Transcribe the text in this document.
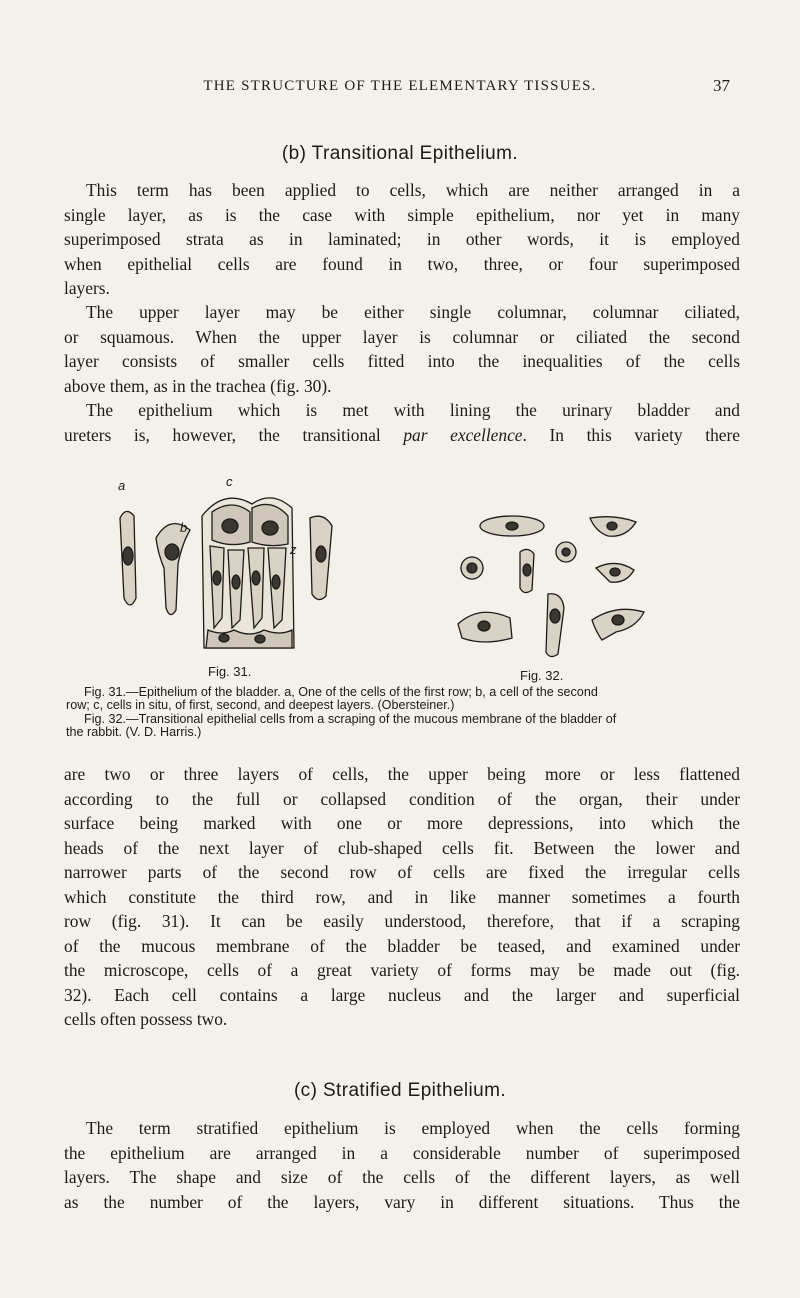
THE STRUCTURE OF THE ELEMENTARY TISSUES.	37
(b) Transitional Epithelium.

This term has been applied to cells, which are neither arranged in a
single layer, as is the case with simple epithelium, nor yet in many
superimposed strata as in laminated; in other words, it is employed
when epithelial cells are found in two, three, or four superimposed
layers.

The upper layer may be either single columnar, columnar ciliated,
or squamous. When the upper layer is columnar or ciliated the second
layer consists of smaller cells fitted into the inequalities of the cells
above them, as in the trachea (fig. 30).

The epithelium which is met with lining the urinary bladder and
ureters is, however, the transitional par excellence. In this variety there

a
b
c
z
Fig. 31.	Fig. 32.
Fig. 31.—Epithelium of the bladder. a, One of the cells of the first row; b, a cell of the second
row; c, cells in situ, of first, second, and deepest layers. (Obersteiner.)
Fig. 32.—Transitional epithelial cells from a scraping of the mucous membrane of the bladder of
the rabbit. (V. D. Harris.)

are two or three layers of cells, the upper being more or less flattened
according to the full or collapsed condition of the organ, their under
surface being marked with one or more depressions, into which the
heads of the next layer of club-shaped cells fit. Between the lower and
narrower parts of the second row of cells are fixed the irregular cells
which constitute the third row, and in like manner sometimes a fourth
row (fig. 31). It can be easily understood, therefore, that if a scraping
of the mucous membrane of the bladder be teased, and examined under
the microscope, cells of a great variety of forms may be made out (fig.
32). Each cell contains a large nucleus and the larger and superficial
cells often possess two.

(c) Stratified Epithelium.

The term stratified epithelium is employed when the cells forming
the epithelium are arranged in a considerable number of superimposed
layers. The shape and size of the cells of the different layers, as well
as the number of the layers, vary in different situations. Thus the
